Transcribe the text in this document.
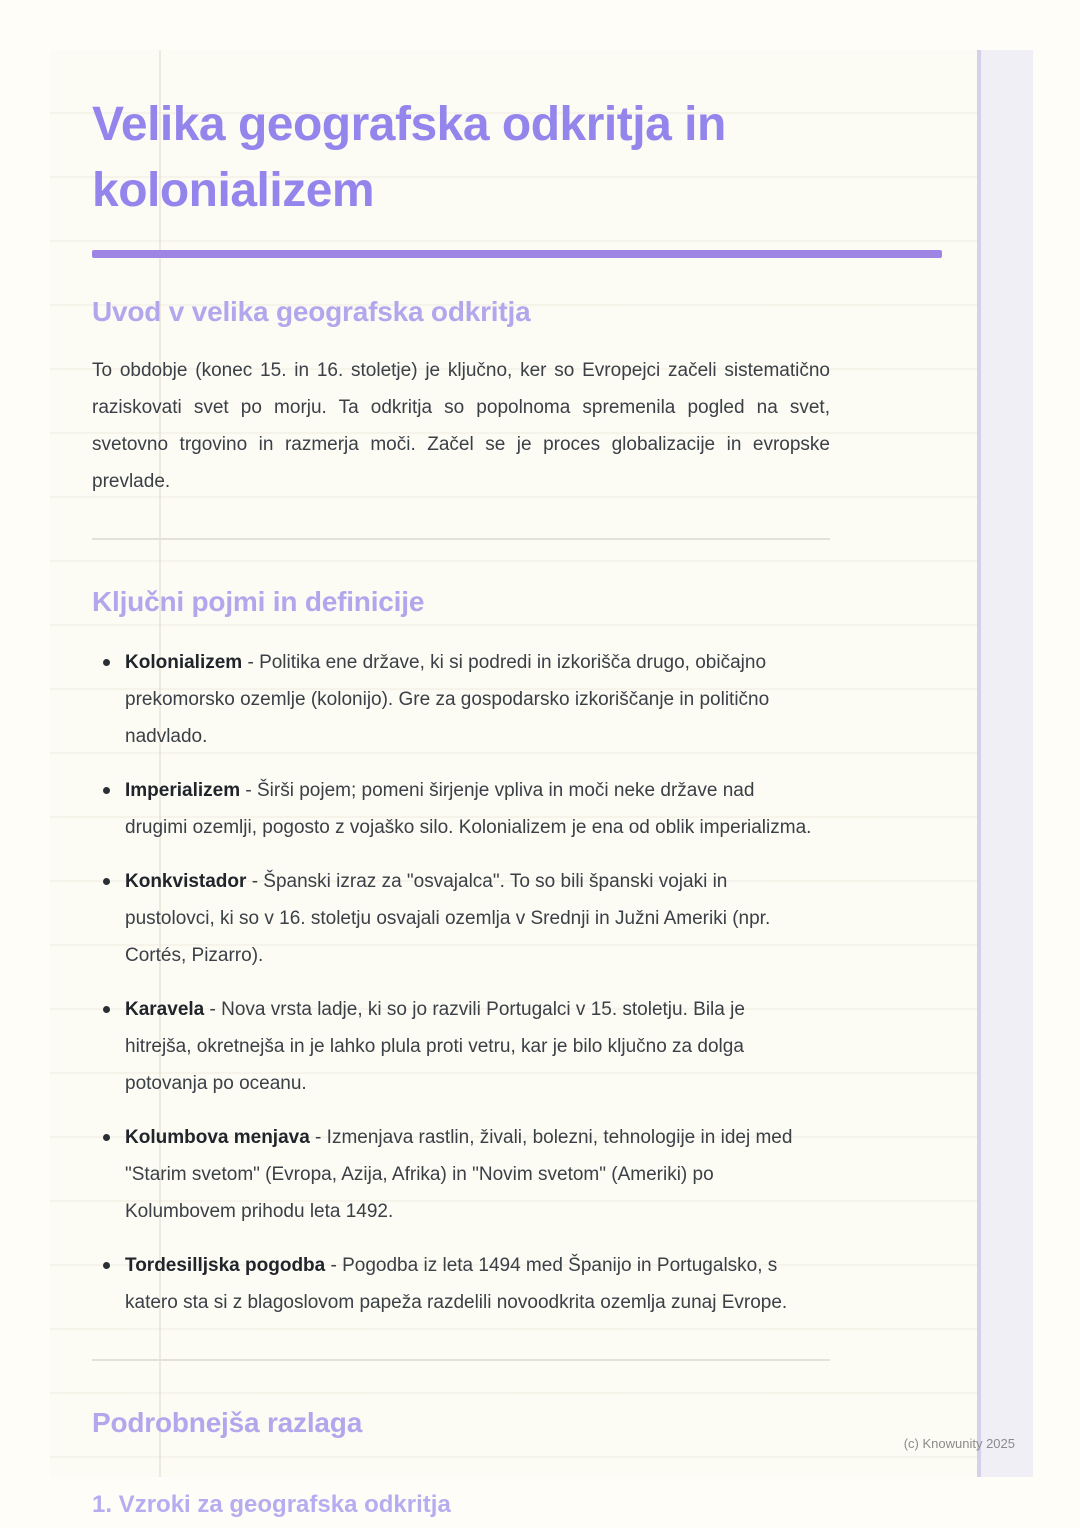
Velika geografska odkritja in kolonializem
Uvod v velika geografska odkritja

To obdobje (konec 15. in 16. stoletje) je ključno, ker so Evropejci začeli sistematično raziskovati svet po morju. Ta odkritja so popolnoma spremenila pogled na svet, svetovno trgovino in razmerja moči. Začel se je proces globalizacije in evropske prevlade.

Ključni pojmi in definicije
Kolonializem - Politika ene države, ki si podredi in izkorišča drugo, običajno prekomorsko ozemlje (kolonijo). Gre za gospodarsko izkoriščanje in politično nadvlado.
Imperializem - Širši pojem; pomeni širjenje vpliva in moči neke države nad drugimi ozemlji, pogosto z vojaško silo. Kolonializem je ena od oblik imperializma.
Konkvistador - Španski izraz za "osvajalca". To so bili španski vojaki in pustolovci, ki so v 16. stoletju osvajali ozemlja v Srednji in Južni Ameriki (npr. Cortés, Pizarro).
Karavela - Nova vrsta ladje, ki so jo razvili Portugalci v 15. stoletju. Bila je hitrejša, okretnejša in je lahko plula proti vetru, kar je bilo ključno za dolga potovanja po oceanu.
Kolumbova menjava - Izmenjava rastlin, živali, bolezni, tehnologije in idej med "Starim svetom" (Evropa, Azija, Afrika) in "Novim svetom" (Ameriki) po Kolumbovem prihodu leta 1492.
Tordesilljska pogodba - Pogodba iz leta 1494 med Španijo in Portugalsko, s katero sta si z blagoslovom papeža razdelili novoodkrita ozemlja zunaj Evrope.
Podrobnejša razlaga
1. Vzroki za geografska odkritja
(c) Knowunity 2025
